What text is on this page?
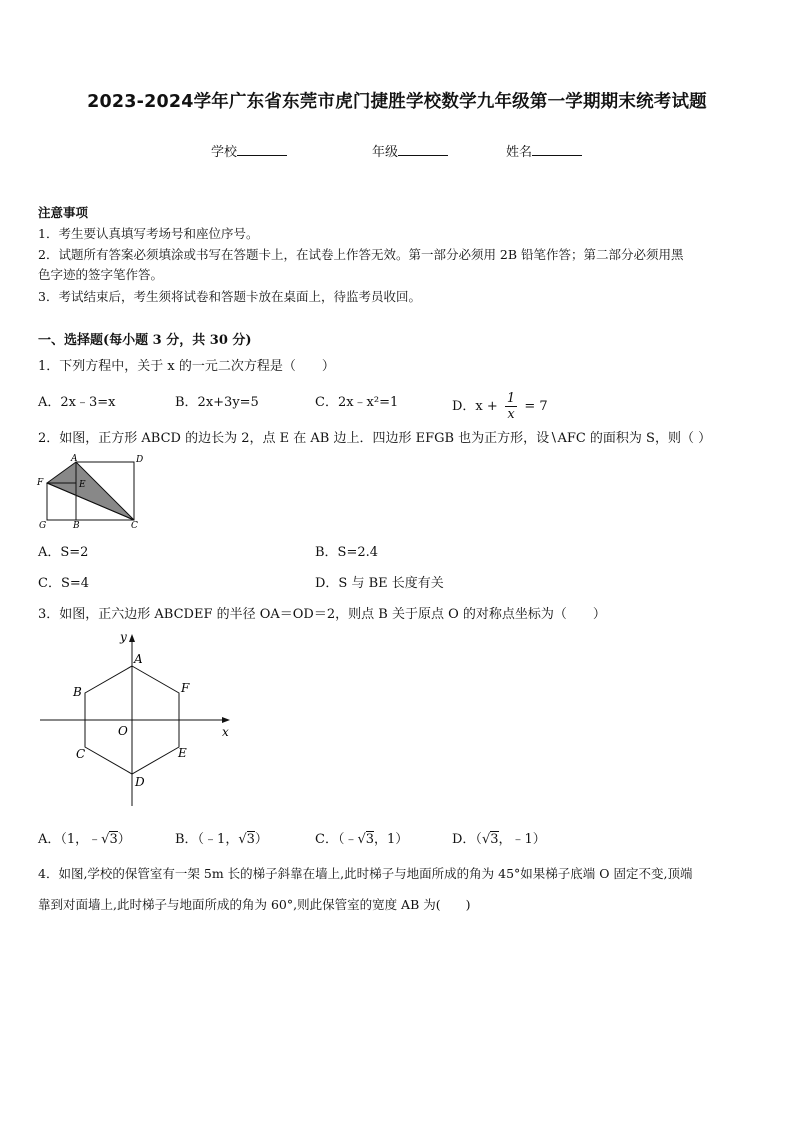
2023-2024学年广东省东莞市虎门捷胜学校数学九年级第一学期期末统考试题
学校	年级	姓名
注意事项
1．考生要认真填写考场号和座位序号。
2．试题所有答案必须填涂或书写在答题卡上，在试卷上作答无效。第一部分必须用 2B 铅笔作答；第二部分必须用黑
色字迹的签字笔作答。
3．考试结束后，考生须将试卷和答题卡放在桌面上，待监考员收回。
一、选择题(每小题 3 分，共 30 分)
1．下列方程中，关于 x 的一元二次方程是（　　）
A．2x﹣3=x	B．2x+3y=5	C．2x﹣x²=1	D．$x + \frac{1}{x} = 7$
2．如图，正方形 ABCD 的边长为 2，点 E 在 AB 边上．四边形 EFGB 也为正方形，设∖AFC 的面积为 S，则（ ）
A	D
F	E
G	B	C
A．S=2	B．S=2.4
C．S=4	D．S 与 BE 长度有关
3．如图，正六边形 ABCDEF 的半径 OA＝OD＝2，则点 B 关于原点 O 的对称点坐标为（　　）
y
x
A
B	F
O
C	E
D
A．（1，﹣√3）	B．（﹣1，√3）	C．（﹣√3，1）	D．（√3，﹣1）
4．如图,学校的保管室有一架 5m 长的梯子斜靠在墙上,此时梯子与地面所成的角为 45°如果梯子底端 O 固定不变,顶端
靠到对面墙上,此时梯子与地面所成的角为 60°,则此保管室的宽度 AB 为(　　)
